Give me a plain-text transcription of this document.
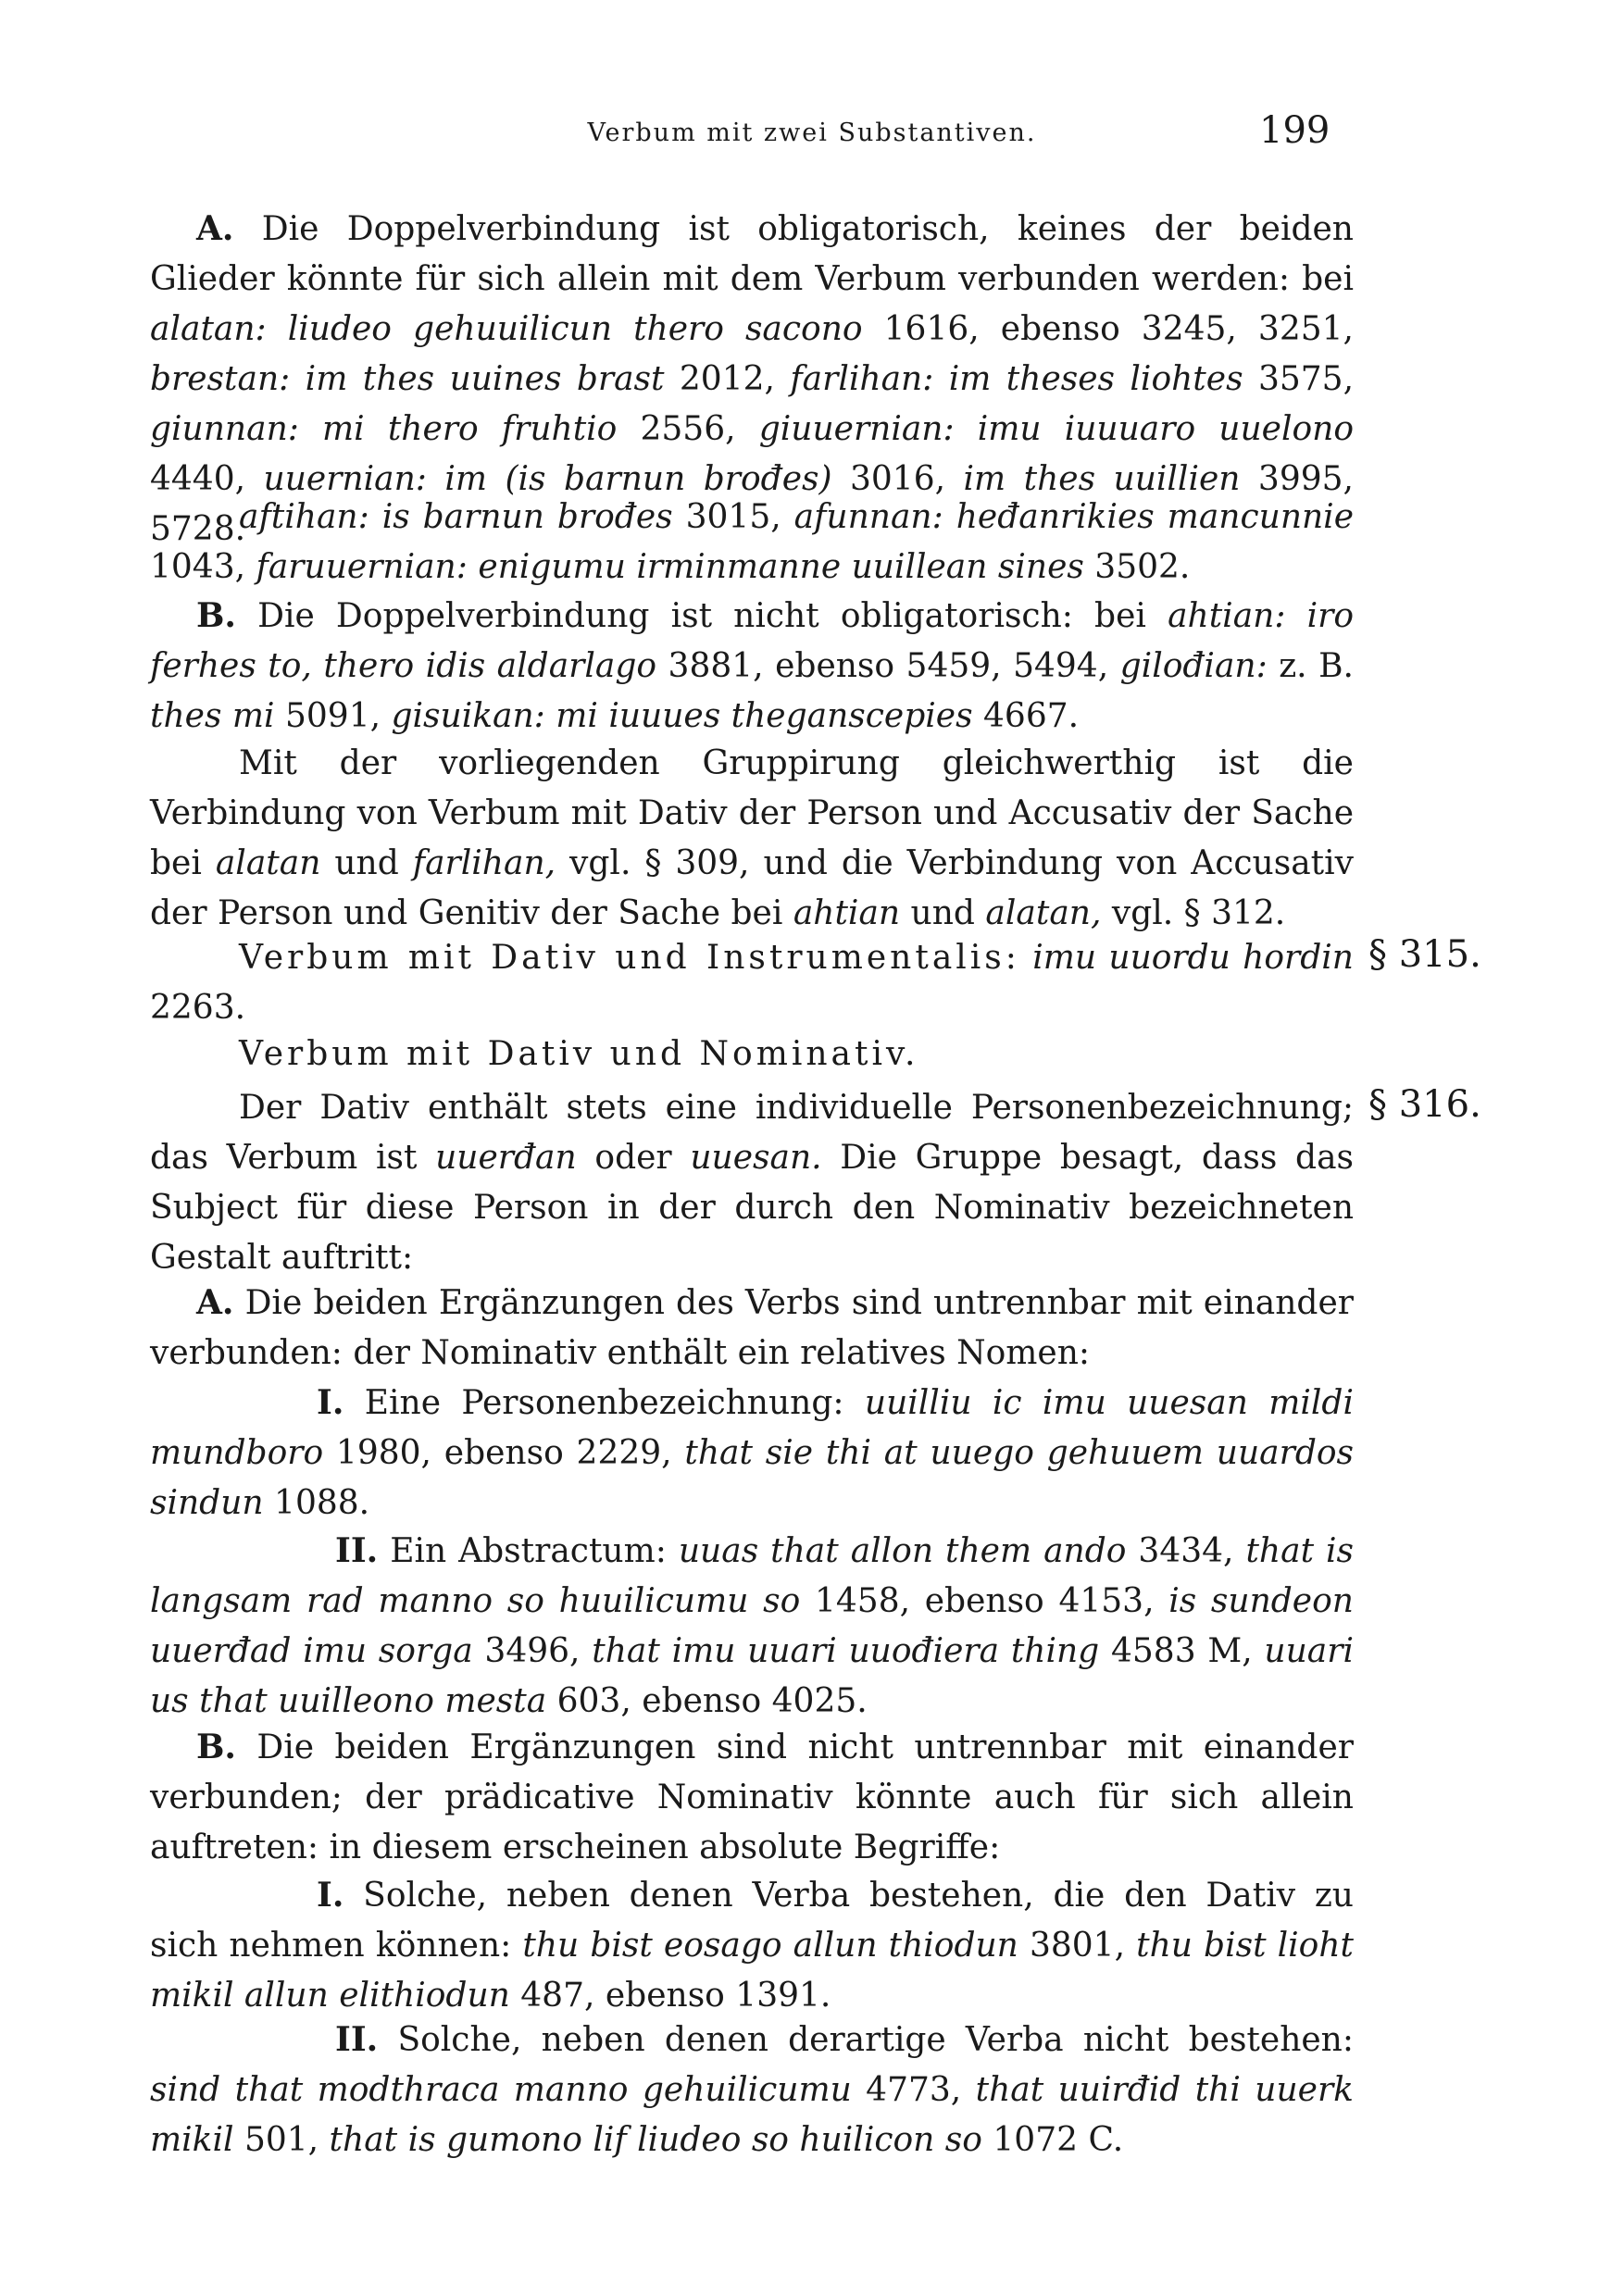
Verbum mit zwei Substantiven.	199

A. Die Doppelverbindung ist obligatorisch, keines der beiden Glieder könnte für sich allein mit dem Verbum verbunden werden: bei alatan: liudeo gehuuilicun thero sacono 1616, ebenso 3245, 3251, brestan: im thes uuines brast 2012, farlihan: im theses liohtes 3575, giunnan: mi thero fruhtio 2556, giuuernian: imu iuuuaro uuelono 4440, uuernian: im (is barnun brođes) 3016, im thes uuillien 3995, 5728.

aftihan: is barnun brođes 3015, afunnan: heđanrikies mancunnie 1043, faruuernian: enigumu irminmanne uuillean sines 3502.

B. Die Doppelverbindung ist nicht obligatorisch: bei ahtian: iro ferhes to, thero idis aldarlago 3881, ebenso 5459, 5494, gilođian: z. B. thes mi 5091, gisuikan: mi iuuues theganscepies 4667.

Mit der vorliegenden Gruppirung gleichwerthig ist die Verbindung von Verbum mit Dativ der Person und Accusativ der Sache bei alatan und farlihan, vgl. § 309, und die Verbindung von Accusativ der Person und Genitiv der Sache bei ahtian und alatan, vgl. § 312.

Verbum mit Dativ und Instrumentalis: imu uuordu hordin 2263.

§ 315.

Verbum mit Dativ und Nominativ.

Der Dativ enthält stets eine individuelle Personenbezeichnung; das Verbum ist uuerđan oder uuesan. Die Gruppe besagt, dass das Subject für diese Person in der durch den Nominativ bezeichneten Gestalt auftritt:

§ 316.

A. Die beiden Ergänzungen des Verbs sind untrennbar mit einander verbunden: der Nominativ enthält ein relatives Nomen:

I. Eine Personenbezeichnung: uuilliu ic imu uuesan mildi mundboro 1980, ebenso 2229, that sie thi at uuego gehuuem uuardos sindun 1088.

II. Ein Abstractum: uuas that allon them ando 3434, that is langsam rad manno so huuilicumu so 1458, ebenso 4153, is sundeon uuerđad imu sorga 3496, that imu uuari uuođiera thing 4583 M, uuari us that uuilleono mesta 603, ebenso 4025.

B. Die beiden Ergänzungen sind nicht untrennbar mit einander verbunden; der prädicative Nominativ könnte auch für sich allein auftreten: in diesem erscheinen absolute Begriffe:

I. Solche, neben denen Verba bestehen, die den Dativ zu sich nehmen können: thu bist eosago allun thiodun 3801, thu bist lioht mikil allun elithiodun 487, ebenso 1391.

II. Solche, neben denen derartige Verba nicht bestehen: sind that modthraca manno gehuilicumu 4773, that uuirđid thi uuerk mikil 501, that is gumono lif liudeo so huilicon so 1072 C.
